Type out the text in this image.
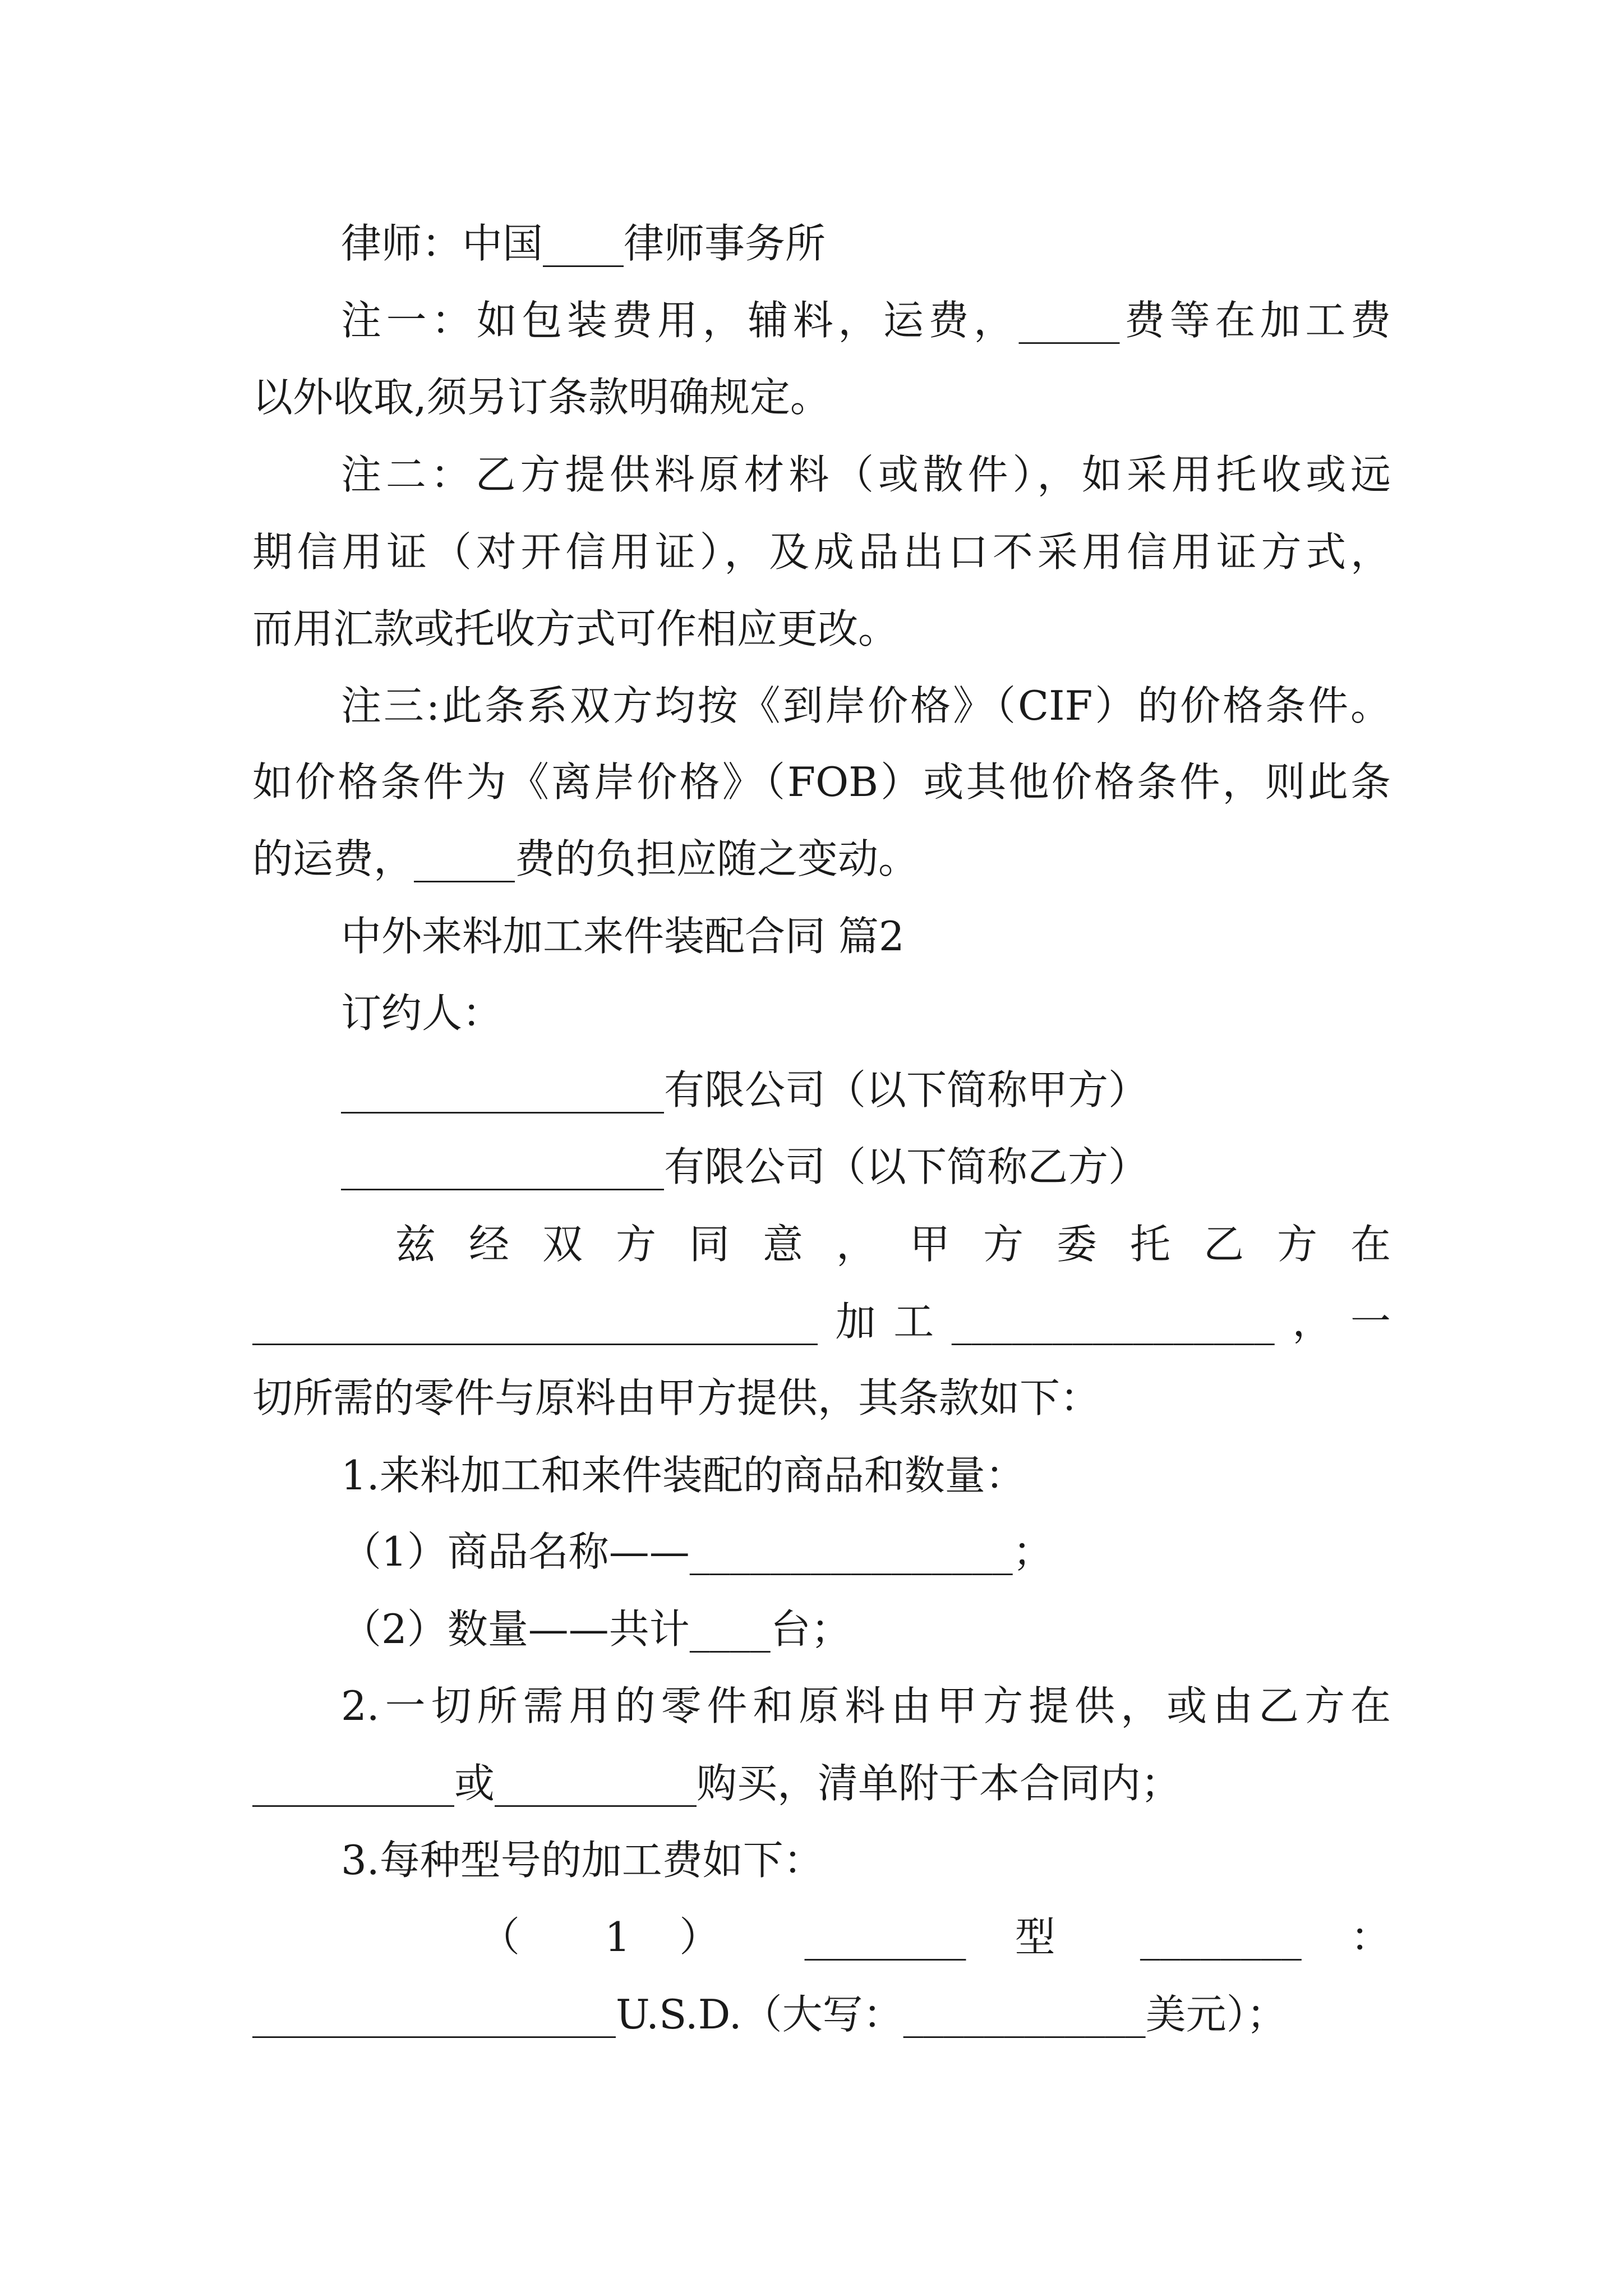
律师：中国____律师事务所
注一：如包装费用，辅料，运费，_____费等在加工费
以外收取,须另订条款明确规定。
注二：乙方提供料原材料（或散件），如采用托收或远
期信用证（对开信用证），及成品出口不采用信用证方式，
而用汇款或托收方式可作相应更改。
注三:此条系双方均按《到岸价格》（CIF）的价格条件。
如价格条件为《离岸价格》（FOB）或其他价格条件，则此条
的运费，_____费的负担应随之变动。
中外来料加工来件装配合同 篇2
订约人：
________________有限公司（以下简称甲方）
________________有限公司（以下简称乙方）
兹 经 双 方 同 意 ， 甲 方 委 托 乙 方 在
____________________________加工________________，一
切所需的零件与原料由甲方提供，其条款如下：
1.来料加工和来件装配的商品和数量：
（1）商品名称——________________；
（2）数量——共计____台；
2.一切所需用的零件和原料由甲方提供，或由乙方在
__________或__________购买，清单附于本合同内；
3.每种型号的加工费如下：
（ 1 ） ________ 型 ________ ：
__________________U.S.D.（大写：____________美元）；
